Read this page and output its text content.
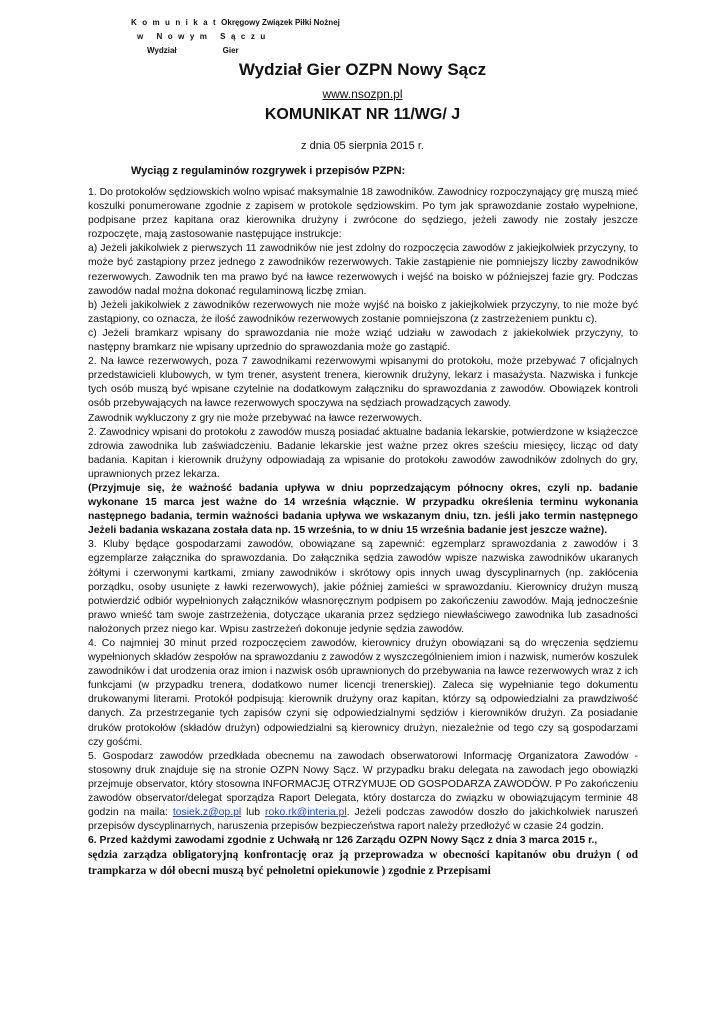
K o m u n i k a t Okręgowy Związek Piłki Nożnej
w Nowym Sączu
Wydział	Gier
Wydział Gier OZPN Nowy Sącz
www.nsozpn.pl
KOMUNIKAT NR 11/WG/ J
z dnia 05 sierpnia 2015 r.
Wyciąg z regulaminów rozgrywek i przepisów PZPN:

1. Do protokołów sędziowskich wolno wpisać maksymalnie 18 zawodników. Zawodnicy rozpoczynający grę muszą mieć koszulki ponumerowane zgodnie z zapisem w protokole sędziowskim. Po tym jak sprawozdanie zostało wypełnione, podpisane przez kapitana oraz kierownika drużyny i zwrócone do sędziego, jeżeli zawody nie zostały jeszcze rozpoczęte, mają zastosowanie następujące instrukcje:

a) Jeżeli jakikolwiek z pierwszych 11 zawodników nie jest zdolny do rozpoczęcia zawodów z jakiejkolwiek przyczyny, to może być zastąpiony przez jednego z zawodników rezerwowych. Takie zastąpienie nie pomniejszy liczby zawodników rezerwowych. Zawodnik ten ma prawo być na ławce rezerwowych i wejść na boisko w późniejszej fazie gry. Podczas zawodów nadal można dokonać regulaminową liczbę zmian.

b) Jeżeli jakikolwiek z zawodników rezerwowych nie może wyjść na boisko z jakiejkolwiek przyczyny, to nie może być zastąpiony, co oznacza, że ilość zawodników rezerwowych zostanie pomniejszona (z zastrzeżeniem punktu c).

c) Jeżeli bramkarz wpisany do sprawozdania nie może wziąć udziału w zawodach z jakiekolwiek przyczyny, to następny bramkarz nie wpisany uprzednio do sprawozdania może go zastąpić.

2. Na ławce rezerwowych, poza 7 zawodnikami rezerwowymi wpisanymi do protokołu, może przebywać 7 oficjalnych przedstawicieli klubowych, w tym trener, asystent trenera, kierownik drużyny, lekarz i masażysta. Nazwiska i funkcje tych osób muszą być wpisane czytelnie na dodatkowym załączniku do sprawozdania z zawodów. Obowiązek kontroli osób przebywających na ławce rezerwowych spoczywa na sędziach prowadzących zawody.

Zawodnik wykluczony z gry nie może przebywać na ławce rezerwowych.

2. Zawodnicy wpisani do protokołu z zawodów muszą posiadać aktualne badania lekarskie, potwierdzone w książeczce zdrowia zawodnika lub zaświadczeniu. Badanie lekarskie jest ważne przez okres sześciu miesięcy, licząc od daty badania. Kapitan i kierownik drużyny odpowiadają za wpisanie do protokołu zawodów zawodników zdolnych do gry, uprawnionych przez lekarza.

(Przyjmuje się, że ważność badania upływa w dniu poprzedzającym północny okres, czyli np. badanie wykonane 15 marca jest ważne do 14 września włącznie. W przypadku określenia terminu wykonania następnego badania, termin ważności badania upływa we wskazanym dniu, tzn. jeśli jako termin następnego Jeżeli badania wskazana została data np. 15 września, to w dniu 15 września badanie jest jeszcze ważne).

3. Kluby będące gospodarzami zawodów, obowiązane są zapewnić: egzemplarz sprawozdania z zawodów i 3 egzemplarze załącznika do sprawozdania. Do załącznika sędzia zawodów wpisze nazwiska zawodników ukaranych żółtymi i czerwonymi kartkami, zmiany zawodników i skrótowy opis innych uwag dyscyplinarnych (np. zakłócenia porządku, osoby usunięte z ławki rezerwowych), jakie później zamieści w sprawozdaniu. Kierownicy drużyn muszą potwierdzić odbiór wypełnionych załączników własnoręcznym podpisem po zakończeniu zawodów. Mają jednocześnie prawo wnieść tam swoje zastrzeżenia, dotyczące ukarania przez sędziego niewłaściwego zawodnika lub zasadności nałożonych przez niego kar. Wpisu zastrzeżeń dokonuje jedynie sędzia zawodów.

4. Co najmniej 30 minut przed rozpoczęciem zawodów, kierownicy drużyn obowiązani są do wręczenia sędziemu wypełnionych składów zespołów na sprawozdaniu z zawodów z wyszczególnieniem imion i nazwisk, numerów koszulek zawodników i dat urodzenia oraz imion i nazwisk osób uprawnionych do przebywania na ławce rezerwowych wraz z ich funkcjami (w przypadku trenera, dodatkowo numer licencji trenerskiej). Zaleca się wypełnianie tego dokumentu drukowanymi literami. Protokół podpisują: kierownik drużyny oraz kapitan, którzy są odpowiedzialni za prawdziwość danych. Za przestrzeganie tych zapisów czyni się odpowiedzialnymi sędziów i kierowników drużyn. Za posiadanie druków protokołów (składów drużyn) odpowiedzialni są kierownicy drużyn, niezależnie od tego czy są gospodarzami czy gośćmi.

5. Gospodarz zawodów przedkłada obecnemu na zawodach obserwatorowi Informację Organizatora Zawodów - stosowny druk znajduje się na stronie OZPN Nowy Sącz. W przypadku braku delegata na zawodach jego obowiązki przejmuje observator, który stosowna INFORMACJĘ OTRZYMUJE OD GOSPODARZA ZAWODÓW. P Po zakończeniu zawodów observator/delegat sporządza Raport Delegata, który dostarcza do związku w obowiązującym terminie 48 godzin na maila: tosiek.z@op.pl lub roko.rk@interia.pl. Jeżeli podczas zawodów doszło do jakichkolwiek naruszeń przepisów dyscyplinarnych, naruszenia przepisów bezpieczeństwa raport należy przedłożyć w czasie 24 godzin.

6. Przed każdymi zawodami zgodnie z Uchwałą nr 126 Zarządu OZPN Nowy Sącz z dnia 3 marca 2015 r.,

sędzia zarządza obligatoryjną konfrontację oraz ją przeprowadza w obecności kapitanów obu drużyn ( od trampkarza w dół obecni muszą być pełnoletni opiekunowie ) zgodnie z Przepisami
